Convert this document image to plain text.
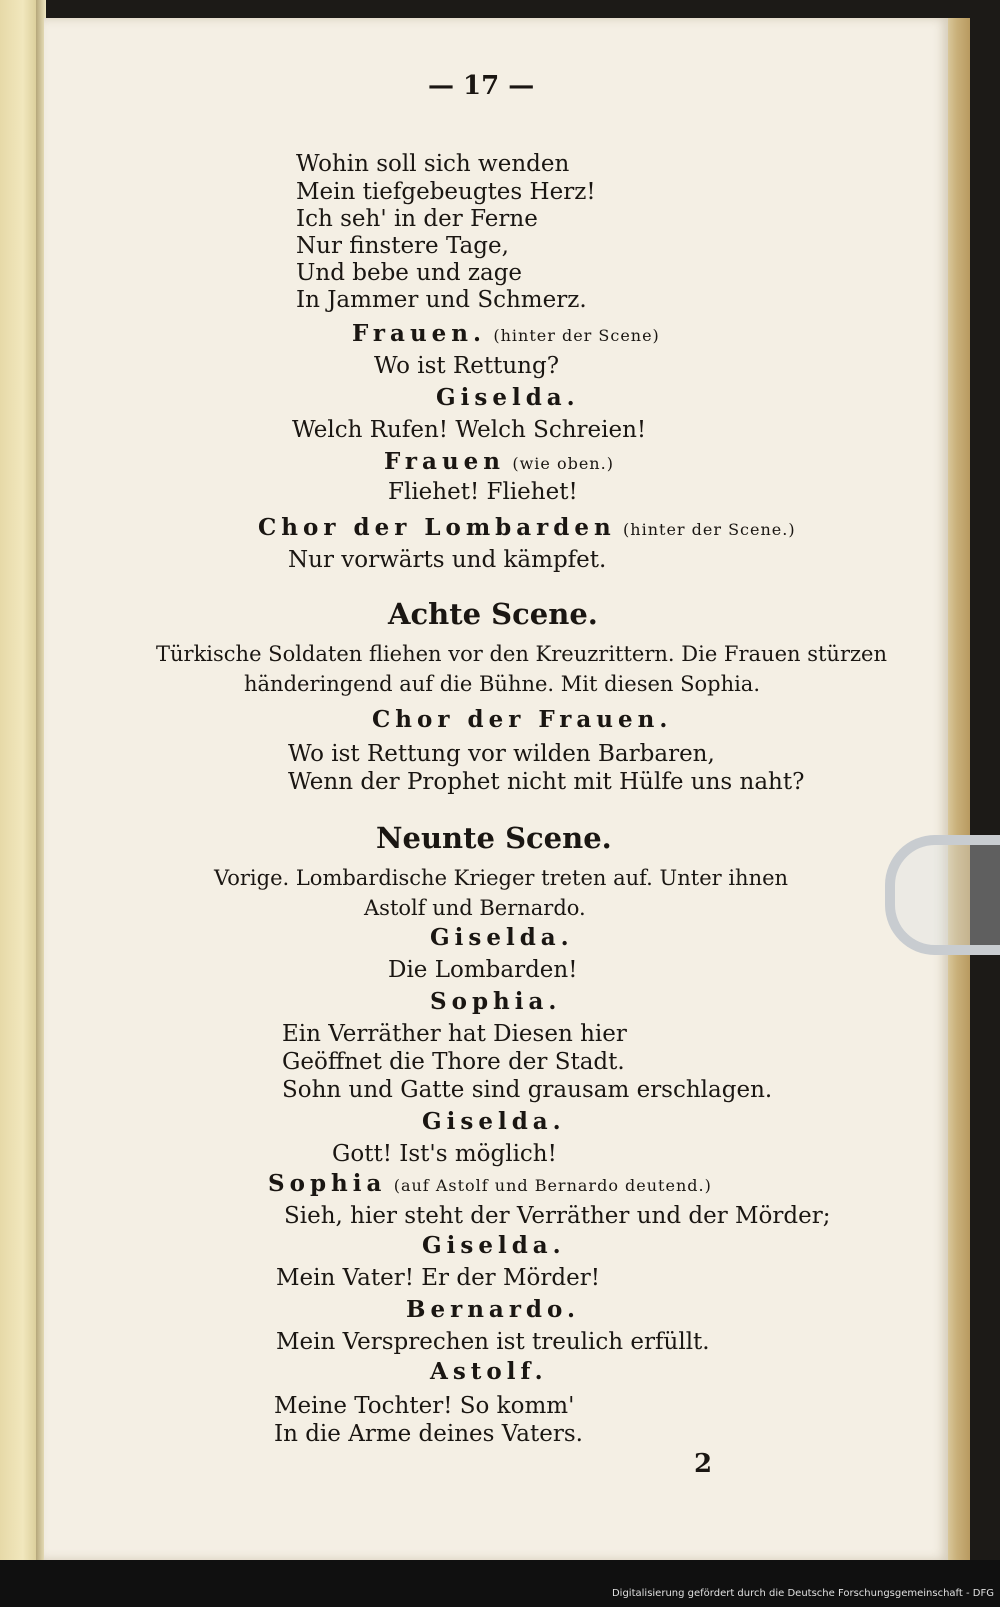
— 17 —
Wohin soll sich wenden
Mein tiefgebeugtes Herz!
Ich seh' in der Ferne
Nur finstere Tage,
Und bebe und zage
In Jammer und Schmerz.
Frauen. (hinter der Scene)
Wo ist Rettung?
Giselda.
Welch Rufen! Welch Schreien!
Frauen (wie oben.)
Fliehet! Fliehet!
Chor der Lombarden (hinter der Scene.)
Nur vorwärts und kämpfet.
Achte Scene.
Türkische Soldaten fliehen vor den Kreuzrittern. Die Frauen stürzen
händeringend auf die Bühne. Mit diesen Sophia.
Chor der Frauen.
Wo ist Rettung vor wilden Barbaren,
Wenn der Prophet nicht mit Hülfe uns naht?
Neunte Scene.
Vorige. Lombardische Krieger treten auf. Unter ihnen
Astolf und Bernardo.
Giselda.
Die Lombarden!
Sophia.
Ein Verräther hat Diesen hier
Geöffnet die Thore der Stadt.
Sohn und Gatte sind grausam erschlagen.
Giselda.
Gott! Ist's möglich!
Sophia (auf Astolf und Bernardo deutend.)
Sieh, hier steht der Verräther und der Mörder;
Giselda.
Mein Vater! Er der Mörder!
Bernardo.
Mein Versprechen ist treulich erfüllt.
Astolf.
Meine Tochter! So komm'
In die Arme deines Vaters.
2
Digitalisierung gefördert durch die Deutsche Forschungsgemeinschaft - DFG
